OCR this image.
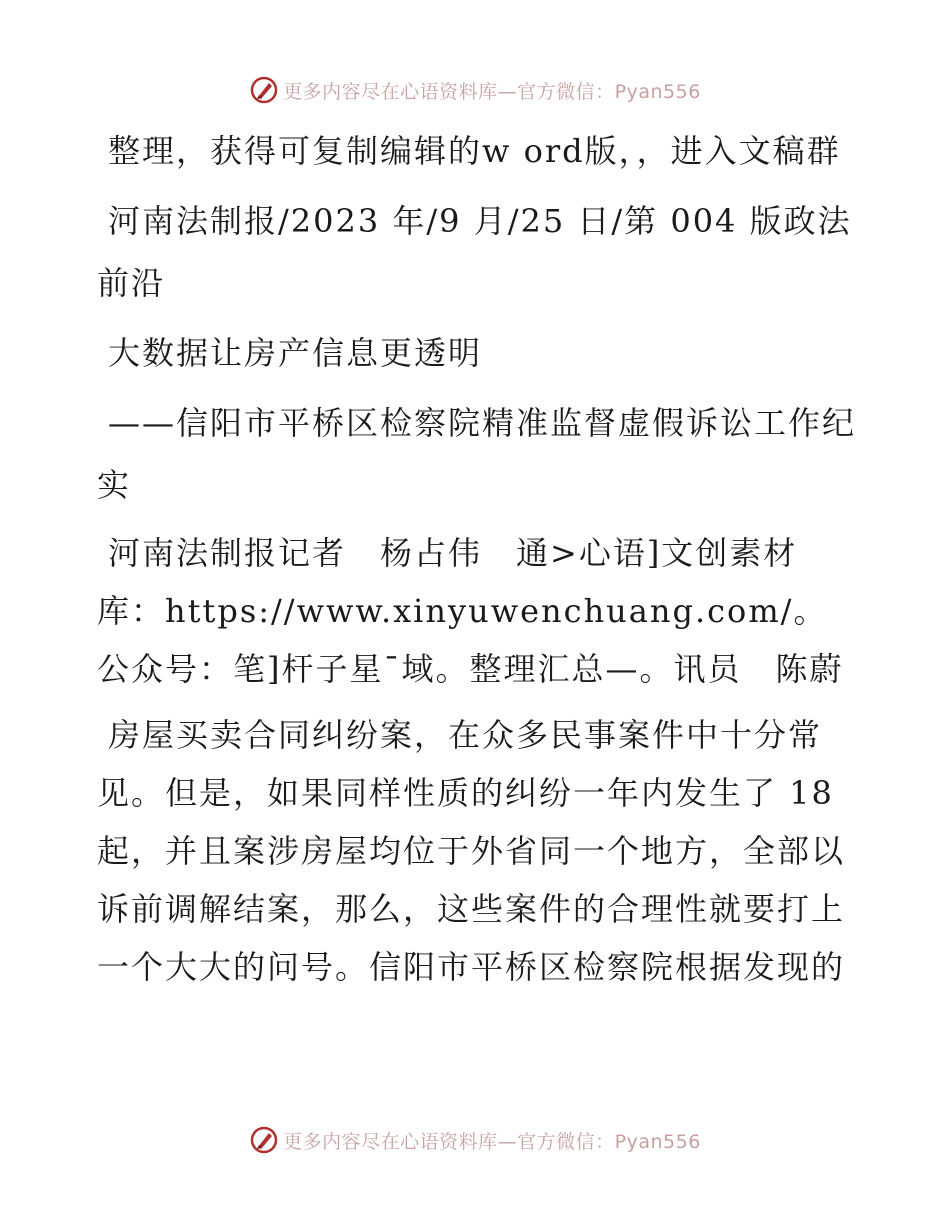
更多内容尽在心语资料库—官方微信：Pyan556

整理，获得可复制编辑的w ord版，，进入文稿群

河南法制报/2023 年/9 月/25 日/第 004 版政法前沿

大数据让房产信息更透明

——信阳市平桥区检察院精准监督虚假诉讼工作纪实

河南法制报记者　杨占伟　通>心语]文创素材库：https://www.xinyuwenchuang.com/。公众号：笔]杆子星¯域。整理汇总—。讯员　陈蔚

房屋买卖合同纠纷案，在众多民事案件中十分常见。但是，如果同样性质的纠纷一年内发生了 18 起，并且案涉房屋均位于外省同一个地方，全部以诉前调解结案，那么，这些案件的合理性就要打上一个大大的问号。信阳市平桥区检察院根据发现的

更多内容尽在心语资料库—官方微信：Pyan556
